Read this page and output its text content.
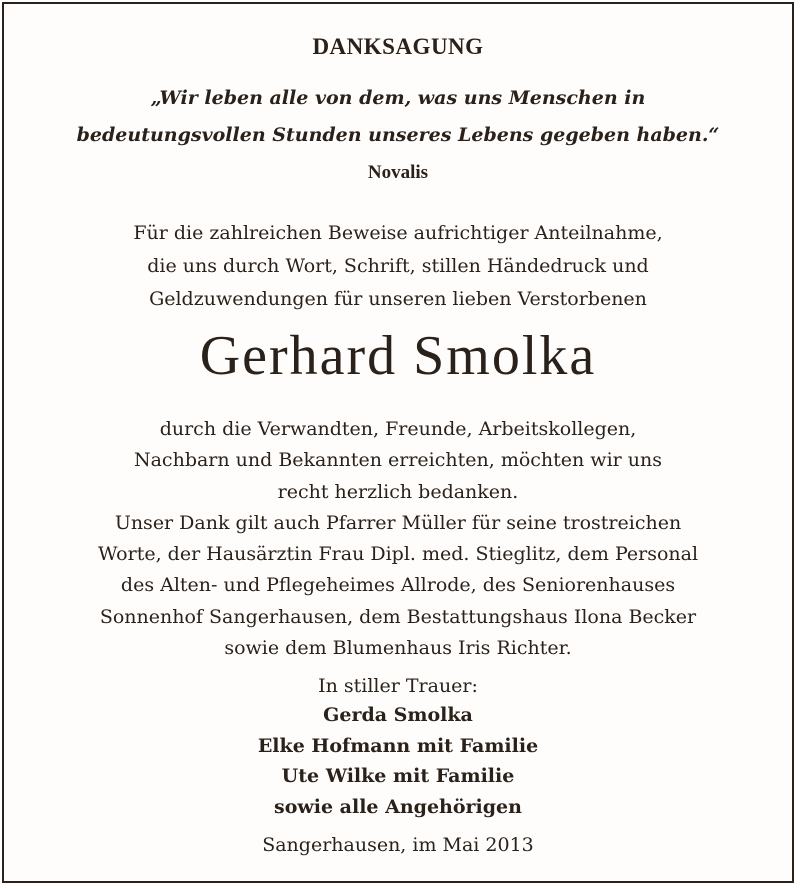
DANKSAGUNG
„Wir leben alle von dem, was uns Menschen in
bedeutungsvollen Stunden unseres Lebens gegeben haben.“
Novalis
Für die zahlreichen Beweise aufrichtiger Anteilnahme,
die uns durch Wort, Schrift, stillen Händedruck und
Geldzuwendungen für unseren lieben Verstorbenen
Gerhard Smolka
durch die Verwandten, Freunde, Arbeitskollegen,
Nachbarn und Bekannten erreichten, möchten wir uns
recht herzlich bedanken.
Unser Dank gilt auch Pfarrer Müller für seine trostreichen
Worte, der Hausärztin Frau Dipl. med. Stieglitz, dem Personal
des Alten- und Pflegeheimes Allrode, des Seniorenhauses
Sonnenhof Sangerhausen, dem Bestattungshaus Ilona Becker
sowie dem Blumenhaus Iris Richter.
In stiller Trauer:
Gerda Smolka
Elke Hofmann mit Familie
Ute Wilke mit Familie
sowie alle Angehörigen
Sangerhausen, im Mai 2013
